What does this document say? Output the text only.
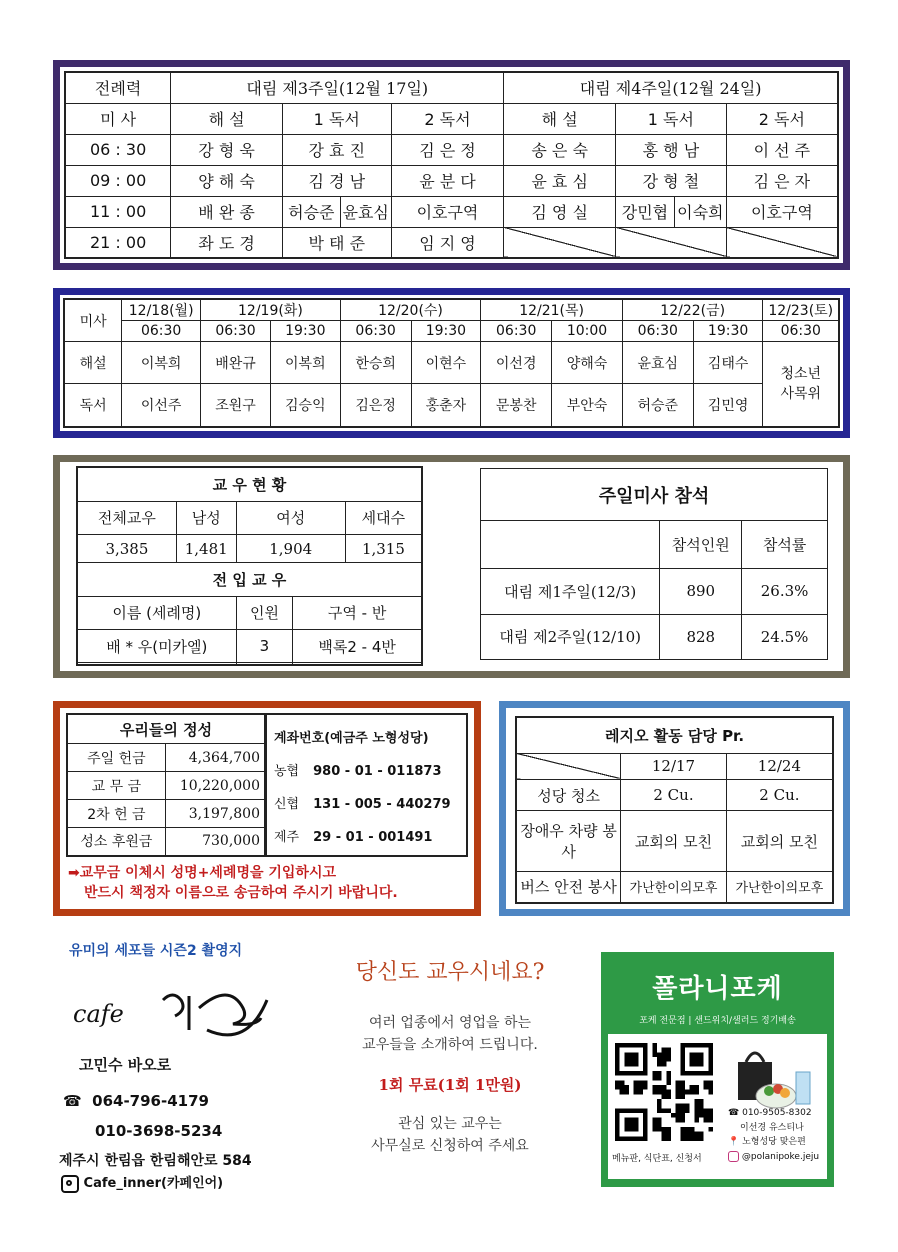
전례력	대림 제3주일(12월 17일)				대림 제4주일(12월 24일)			
미 사	해 설	1 독서		2 독서	해 설	1 독서		2 독서
06 : 30	강 형 욱	강 효 진		김 은 정	송 은 숙	홍 행 남		이 선 주
09 : 00	양 해 숙	김 경 남		윤 분 다	윤 효 심	강 형 철		김 은 자
11 : 00	배 완 종	허승준	윤효심	이호구역	김 영 실	강민협	이숙희	이호구역
21 : 00	좌 도 경	박 태 준		임 지 영				
미사	12/18(월)	12/19(화)		12/20(수)		12/21(목)		12/22(금)		12/23(토)
	06:30	06:30	19:30	06:30	19:30	06:30	10:00	06:30	19:30	06:30
해설	이복희	배완규	이복희	한승희	이현수	이선경	양해숙	윤효심	김태수	청소년
사목위
독서	이선주	조원구	김승익	김은정	홍춘자	문봉찬	부안숙	허승준	김민영	
교 우 현 황				
전체교우	남성	여성		세대수
3,385	1,481	1,904		1,315
전 입 교 우				
이름 (세례명)		인원	구역 - 반	
배 * 우(미카엘)		3	백록2 - 4반	

주일미사 참석		
	참석인원	참석률
대림 제1주일(12/3)	890	26.3%
대림 제2주일(12/10)	828	24.5%
우리들의 정성	
주일 헌금	4,364,700
교 무 금	10,220,000
2차 헌 금	3,197,800
성소 후원금	730,000
계좌번호(예금주 노형성당)
농협 980 - 01 - 011873
신협 131 - 005 - 440279
제주 29 - 01 - 001491
➡교무금 이체시 성명+세례명을 기입하시고
반드시 책정자 이름으로 송금하여 주시기 바랍니다.
레지오 활동 담당 Pr.		
	12/17	12/24
성당 청소	2 Cu.	2 Cu.
장애우 차량 봉사	교회의 모친	교회의 모친
버스 안전 봉사	가난한이의모후	가난한이의모후
유미의 세포들 시즌2 촬영지
cafe
고민수 바오로
☎ 064-796-4179
010-3698-5234
제주시 한림읍 한림해안로 584
Cafe_inner(카페인어)
당신도 교우시네요?
여러 업종에서 영업을 하는
교우들을 소개하여 드립니다.
1회 무료(1회 1만원)
관심 있는 교우는
사무실로 신청하여 주세요
폴라니포케
포케 전문점 | 샌드위치/샐러드 정기배송
☎ 010-9505-8302
이선경 유스티나
📍 노형성당 맞은편
@polanipoke.jeju
메뉴판, 식단표, 신청서
